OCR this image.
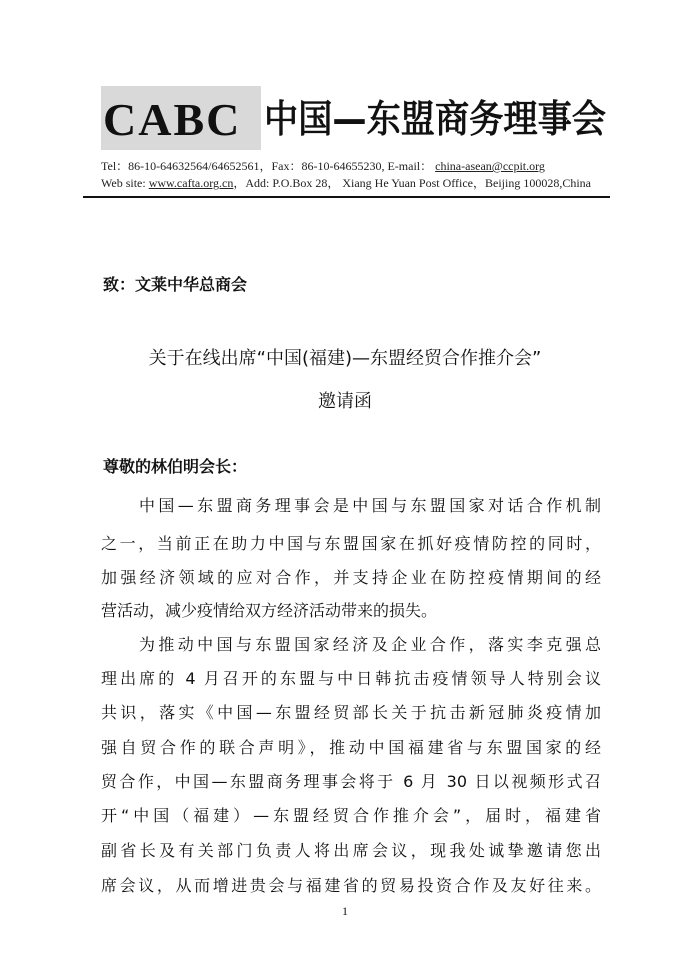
CABC 中国—东盟商务理事会
Tel：86-10-64632564/64652561，Fax：86-10-64655230, E-mail： china-asean@ccpit.org
Web site: www.cafta.org.cn，Add: P.O.Box 28， Xiang He Yuan Post Office，Beijing 100028,China
致：文莱中华总商会
关于在线出席“中国(福建)—东盟经贸合作推介会”
邀请函
尊敬的林伯明会长：
中国—东盟商务理事会是中国与东盟国家对话合作机制
之一，当前正在助力中国与东盟国家在抓好疫情防控的同时，
加强经济领域的应对合作，并支持企业在防控疫情期间的经
营活动，减少疫情给双方经济活动带来的损失。
为推动中国与东盟国家经济及企业合作，落实李克强总
理出席的 4 月召开的东盟与中日韩抗击疫情领导人特别会议
共识，落实《中国—东盟经贸部长关于抗击新冠肺炎疫情加
强自贸合作的联合声明》，推动中国福建省与东盟国家的经
贸合作，中国—东盟商务理事会将于 6 月 30 日以视频形式召
开“中国（福建）—东盟经贸合作推介会”，届时，福建省
副省长及有关部门负责人将出席会议，现我处诚挚邀请您出
席会议，从而增进贵会与福建省的贸易投资合作及友好往来。
1
